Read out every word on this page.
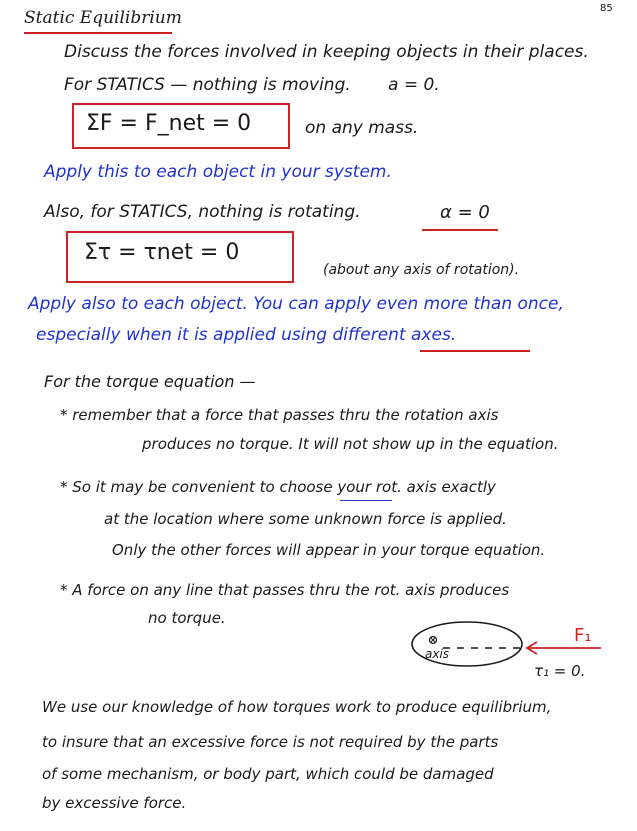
85
Static Equilibrium
Discuss the forces involved in keeping objects in their places.
For STATICS — nothing is moving. a = 0.
ΣF = F_net = 0	on any mass.
Apply this to each object in your system.
Also, for STATICS, nothing is rotating.	α = 0
Στ = τnet = 0
(about any axis of rotation).
Apply also to each object. You can apply even more than once,
especially when it is applied using different axes.
For the torque equation —
* remember that a force that passes thru the rotation axis
produces no torque. It will not show up in the equation.
* So it may be convenient to choose your rot. axis exactly
at the location where some unknown force is applied.
Only the other forces will appear in your torque equation.
* A force on any line that passes thru the rot. axis produces
no torque.
F₁
axis
τ₁ = 0.
We use our knowledge of how torques work to produce equilibrium,
to insure that an excessive force is not required by the parts
of some mechanism, or body part, which could be damaged
by excessive force.
